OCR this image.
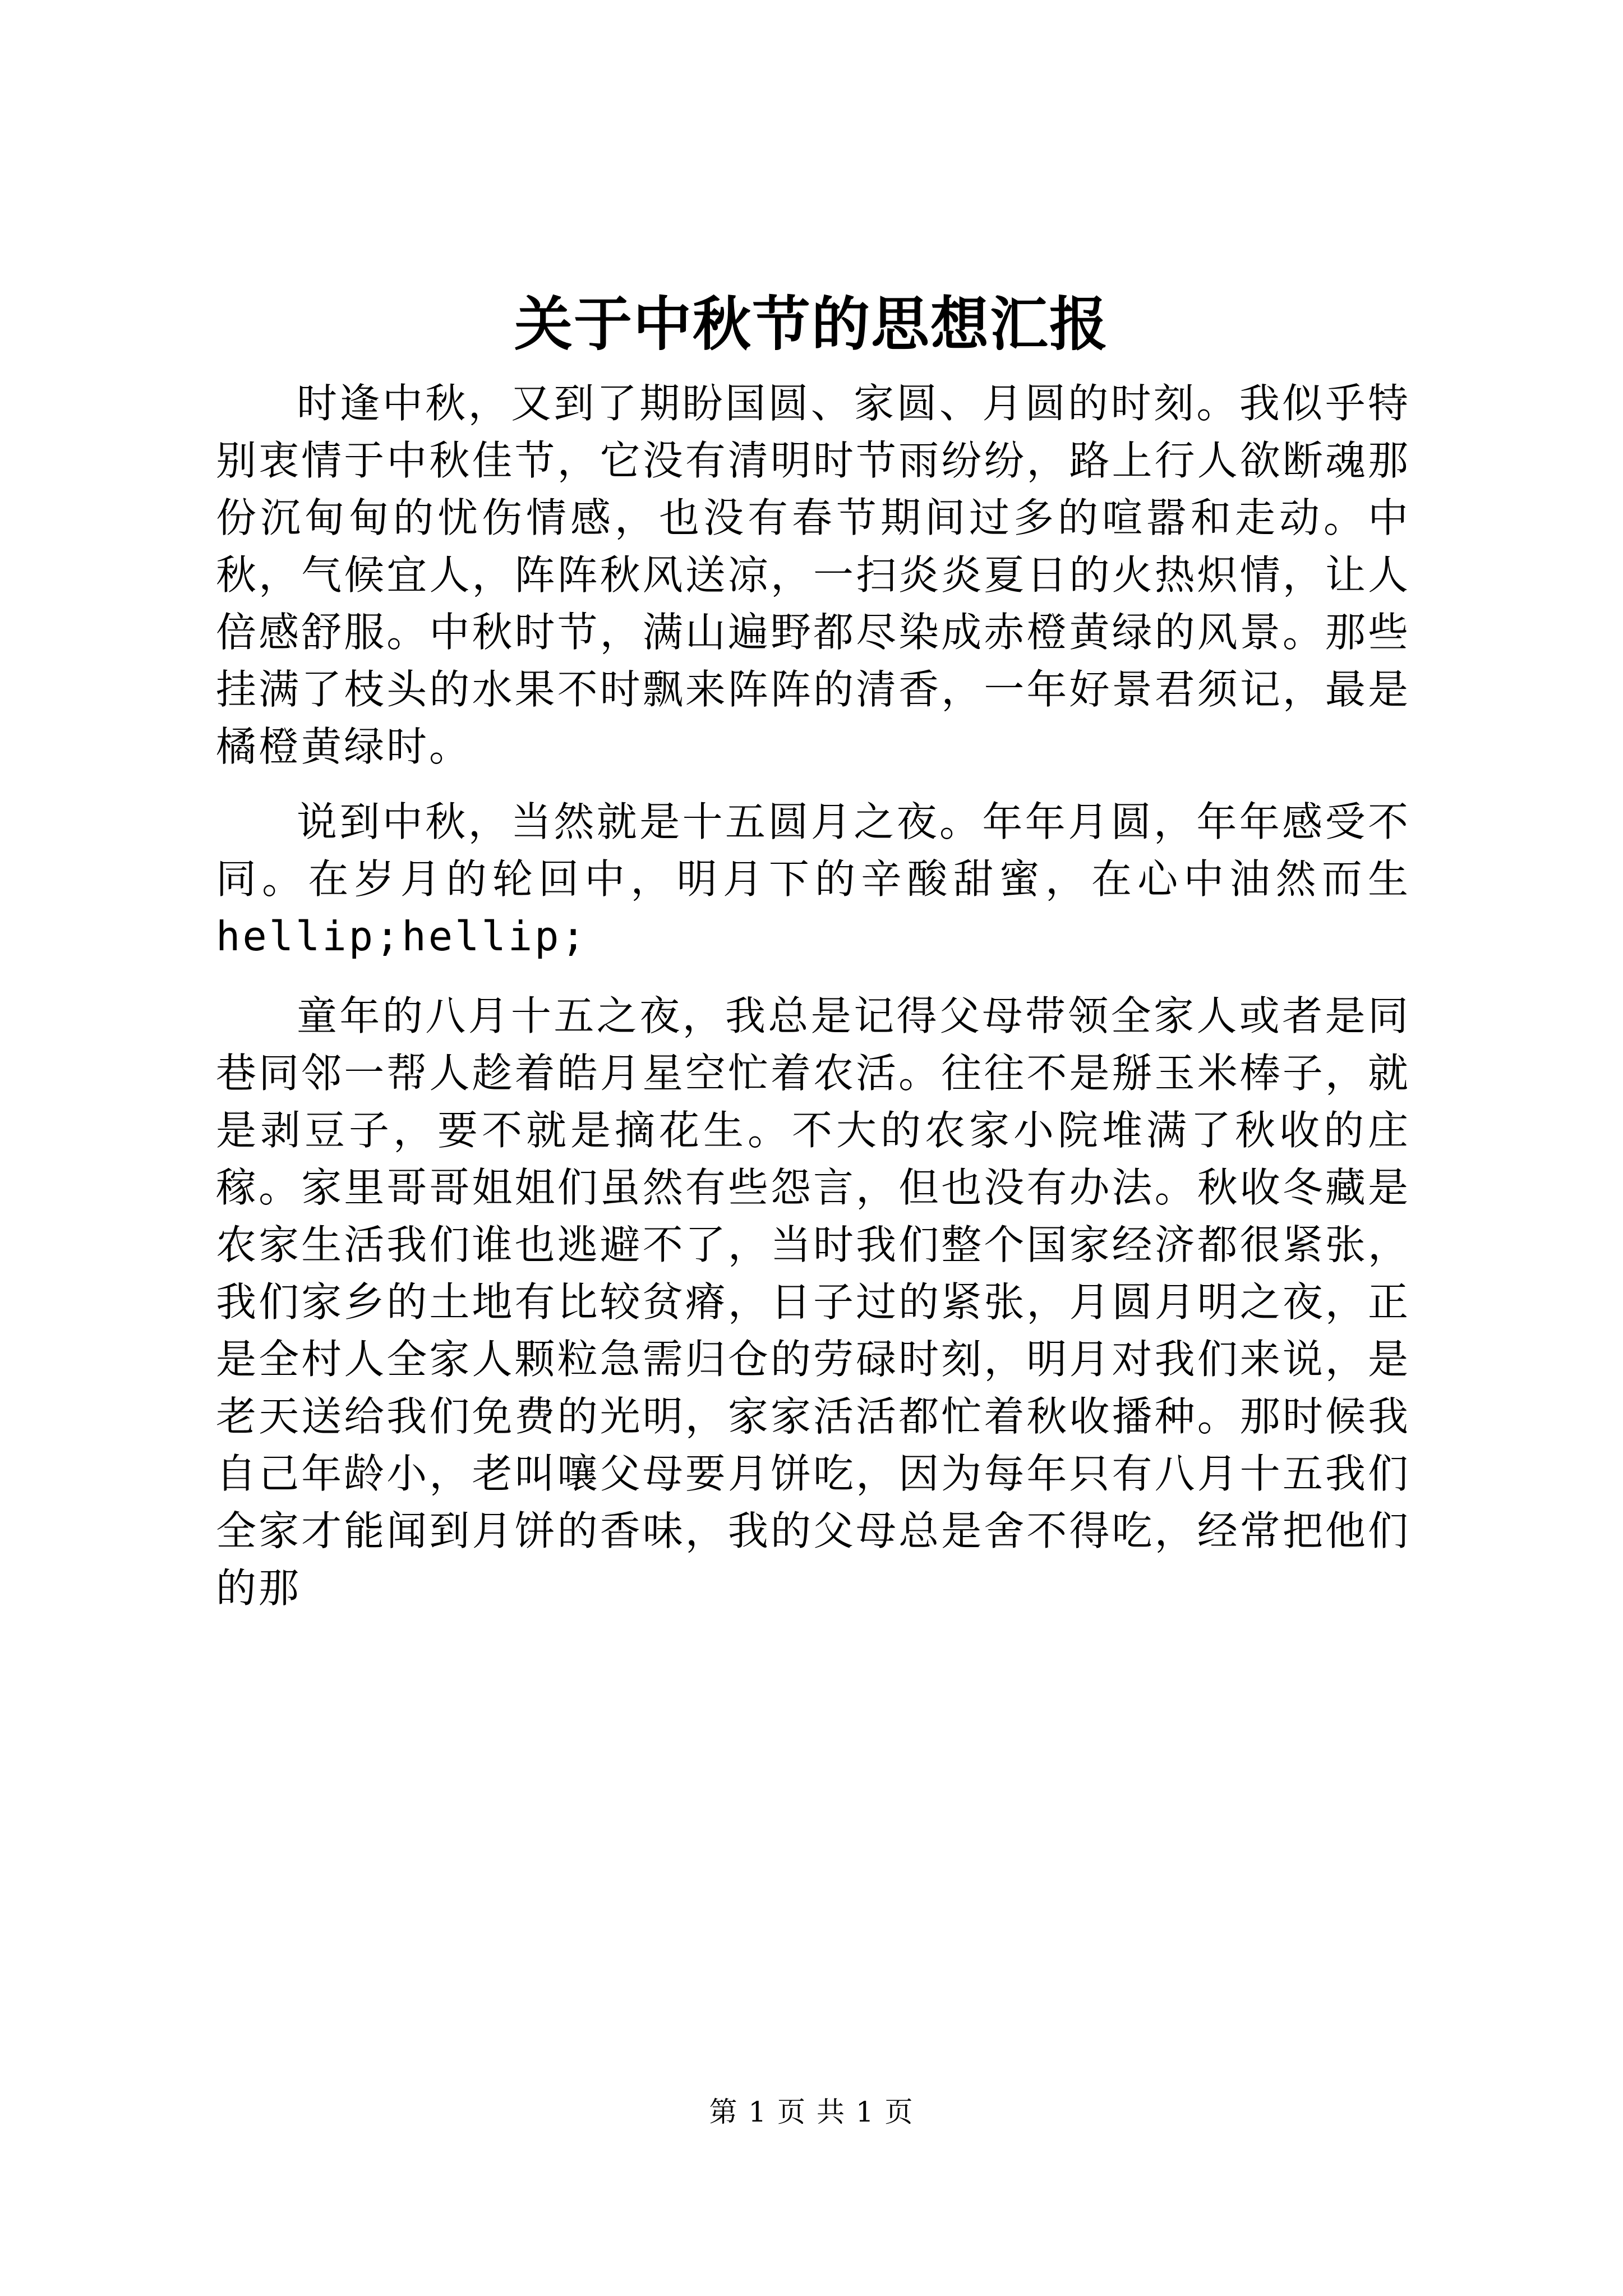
关于中秋节的思想汇报

时逢中秋，又到了期盼国圆、家圆、月圆的时刻。我似乎特别衷情于中秋佳节，它没有清明时节雨纷纷，路上行人欲断魂那份沉甸甸的忧伤情感，也没有春节期间过多的喧嚣和走动。中秋，气候宜人，阵阵秋风送凉，一扫炎炎夏日的火热炽情，让人倍感舒服。中秋时节，满山遍野都尽染成赤橙黄绿的风景。那些挂满了枝头的水果不时飘来阵阵的清香，一年好景君须记，最是橘橙黄绿时。

说到中秋，当然就是十五圆月之夜。年年月圆，年年感受不同。在岁月的轮回中，明月下的辛酸甜蜜，在心中油然而生hellip;hellip;

童年的八月十五之夜，我总是记得父母带领全家人或者是同巷同邻一帮人趁着皓月星空忙着农活。往往不是掰玉米棒子，就是剥豆子，要不就是摘花生。不大的农家小院堆满了秋收的庄稼。家里哥哥姐姐们虽然有些怨言，但也没有办法。秋收冬藏是农家生活我们谁也逃避不了，当时我们整个国家经济都很紧张，我们家乡的土地有比较贫瘠，日子过的紧张，月圆月明之夜，正是全村人全家人颗粒急需归仓的劳碌时刻，明月对我们来说，是老天送给我们免费的光明，家家活活都忙着秋收播种。那时候我自己年龄小，老叫嚷父母要月饼吃，因为每年只有八月十五我们全家才能闻到月饼的香味，我的父母总是舍不得吃，经常把他们的那

第 1 页 共 1 页
